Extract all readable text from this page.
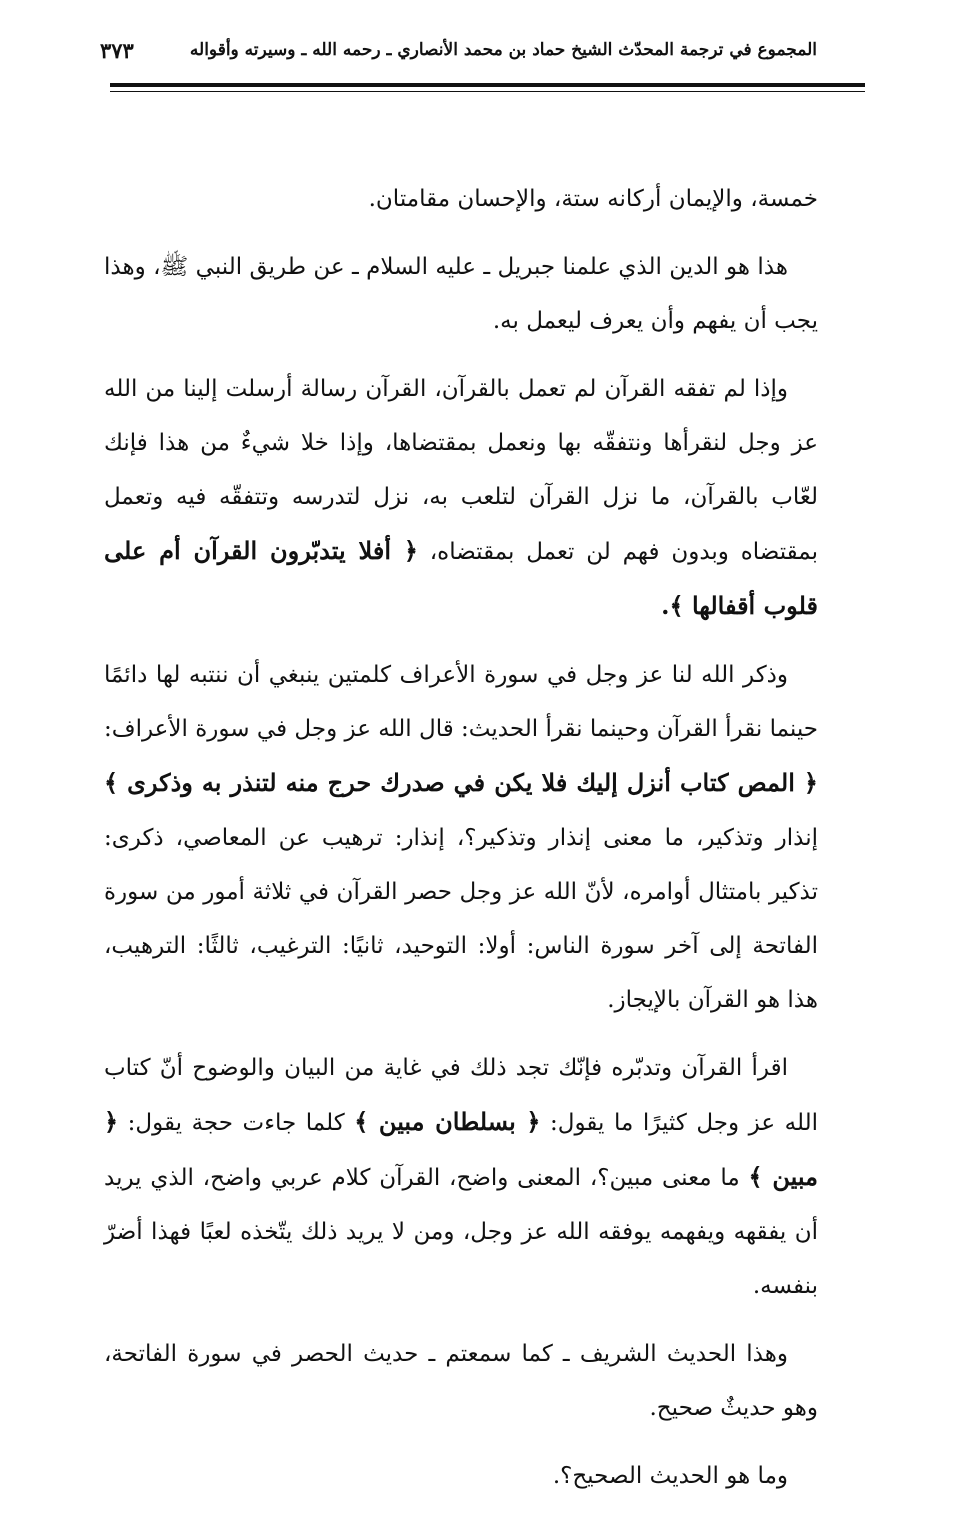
المجموع في ترجمة المحدّث الشيخ حماد بن محمد الأنصاري ـ رحمه الله ـ وسيرته وأقواله
٣٧٣

خمسة، والإيمان أركانه ستة، والإحسان مقامتان.

هذا هو الدين الذي علمنا جبريل ـ عليه السلام ـ عن طريق النبي ﷺ، وهذا يجب أن يفهم وأن يعرف ليعمل به.

وإذا لم تفقه القرآن لم تعمل بالقرآن، القرآن رسالة أرسلت إلينا من الله عز وجل لنقرأها ونتفقّه بها ونعمل بمقتضاها، وإذا خلا شيءٌ من هذا فإنك لعّاب بالقرآن، ما نزل القرآن لتلعب به، نزل لتدرسه وتتفقّه فيه وتعمل بمقتضاه وبدون فهم لن تعمل بمقتضاه، ﴿ أفلا يتدبّرون القرآن أم على قلوب أقفالها ﴾.

وذكر الله لنا عز وجل في سورة الأعراف كلمتين ينبغي أن ننتبه لها دائمًا حينما نقرأ القرآن وحينما نقرأ الحديث: قال الله عز وجل في سورة الأعراف: ﴿ المص كتاب أنزل إليك فلا يكن في صدرك حرج منه لتنذر به وذكرى ﴾ إنذار وتذكير، ما معنى إنذار وتذكير؟، إنذار: ترهيب عن المعاصي، ذكرى: تذكير بامتثال أوامره، لأنّ الله عز وجل حصر القرآن في ثلاثة أمور من سورة الفاتحة إلى آخر سورة الناس: أولا: التوحيد، ثانيًا: الترغيب، ثالثًا: الترهيب، هذا هو القرآن بالإيجاز.

اقرأ القرآن وتدبّره فإنّك تجد ذلك في غاية من البيان والوضوح أنّ كتاب الله عز وجل كثيرًا ما يقول: ﴿ بسلطان مبين ﴾ كلما جاءت حجة يقول: ﴿ مبين ﴾ ما معنى مبين؟، المعنى واضح، القرآن كلام عربي واضح، الذي يريد أن يفقهه ويفهمه يوفقه الله عز وجل، ومن لا يريد ذلك يتّخذه لعبًا فهذا أضرّ بنفسه.

وهذا الحديث الشريف ـ كما سمعتم ـ حديث الحصر في سورة الفاتحة، وهو حديثٌ صحيح.

وما هو الحديث الصحيح؟.
